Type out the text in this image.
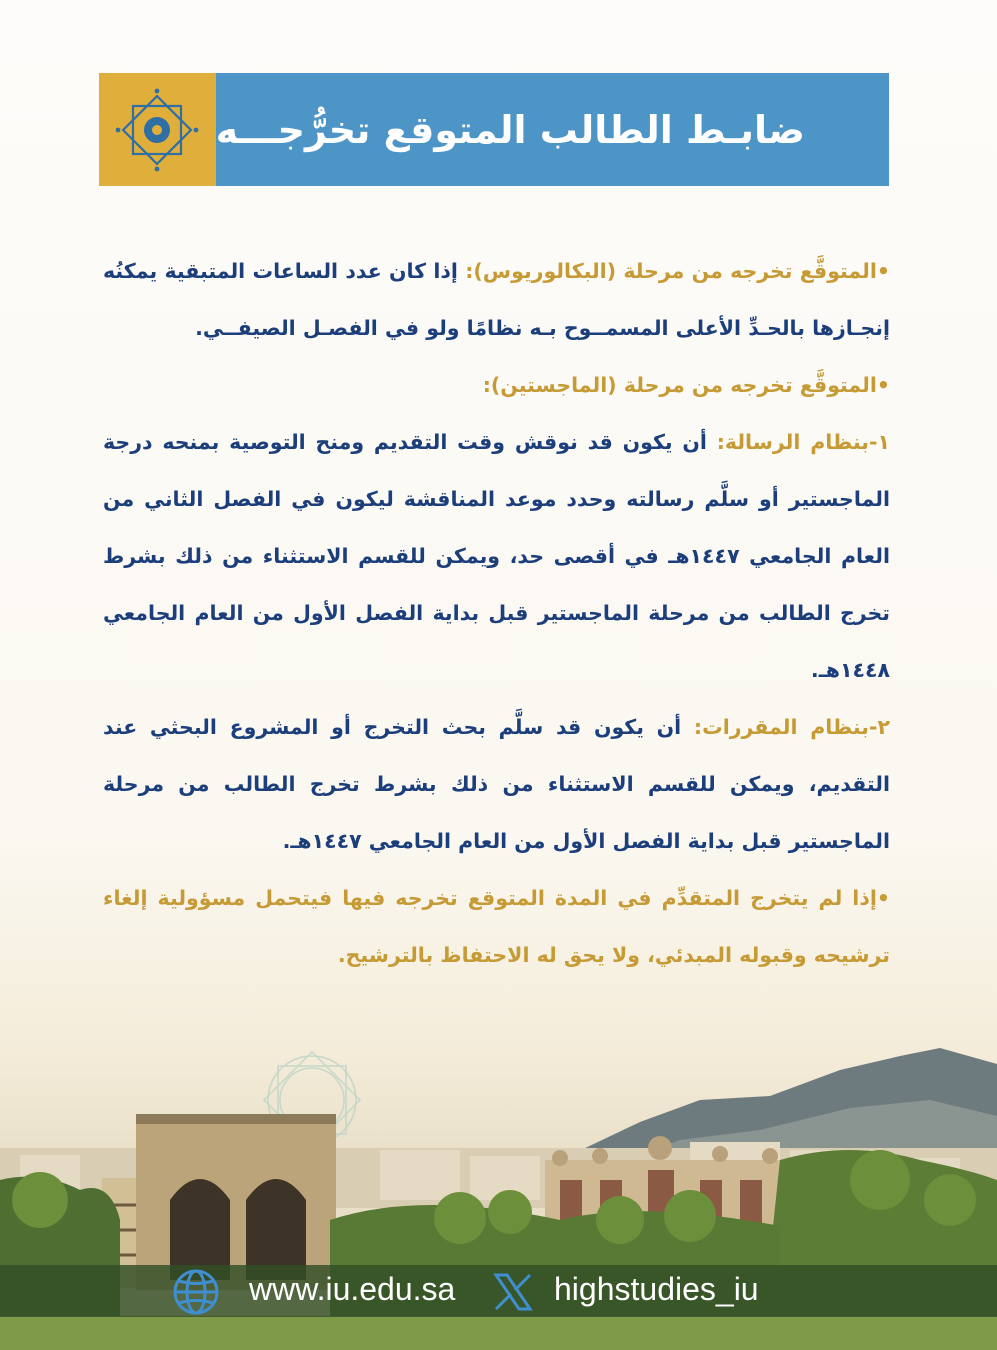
ضابـط الطالب المتوقع تخرُّجـــه

•المتوقَّع تخرجه من مرحلة (البكالوريوس): إذا كان عدد الساعات المتبقية يمكنُه إنجـازها بالحـدِّ الأعلى المسمــوح بـه نظامًا ولو في الفصـل الصيفــي.

•المتوقَّع تخرجه من مرحلة (الماجستين):

١-بنظام الرسالة: أن يكون قد نوقش وقت التقديم ومنح التوصية بمنحه درجة الماجستير أو سلَّم رسالته وحدد موعد المناقشة ليكون في الفصل الثاني من العام الجامعي ١٤٤٧هـ في أقصى حد، ويمكن للقسم الاستثناء من ذلك بشرط تخرج الطالب من مرحلة الماجستير قبل بداية الفصل الأول من العام الجامعي ١٤٤٨هـ.

٢-بنظام المقررات: أن يكون قد سلَّم بحث التخرج أو المشروع البحثي عند التقديم، ويمكن للقسم الاستثناء من ذلك بشرط تخرج الطالب من مرحلة الماجستير قبل بداية الفصل الأول من العام الجامعي ١٤٤٧هـ.

•إذا لم يتخرج المتقدِّم في المدة المتوقع تخرجه فيها فيتحمل مسؤولية إلغاء ترشيحه وقبوله المبدئي، ولا يحق له الاحتفاظ بالترشيح.

www.iu.edu.sa	highstudies_iu
